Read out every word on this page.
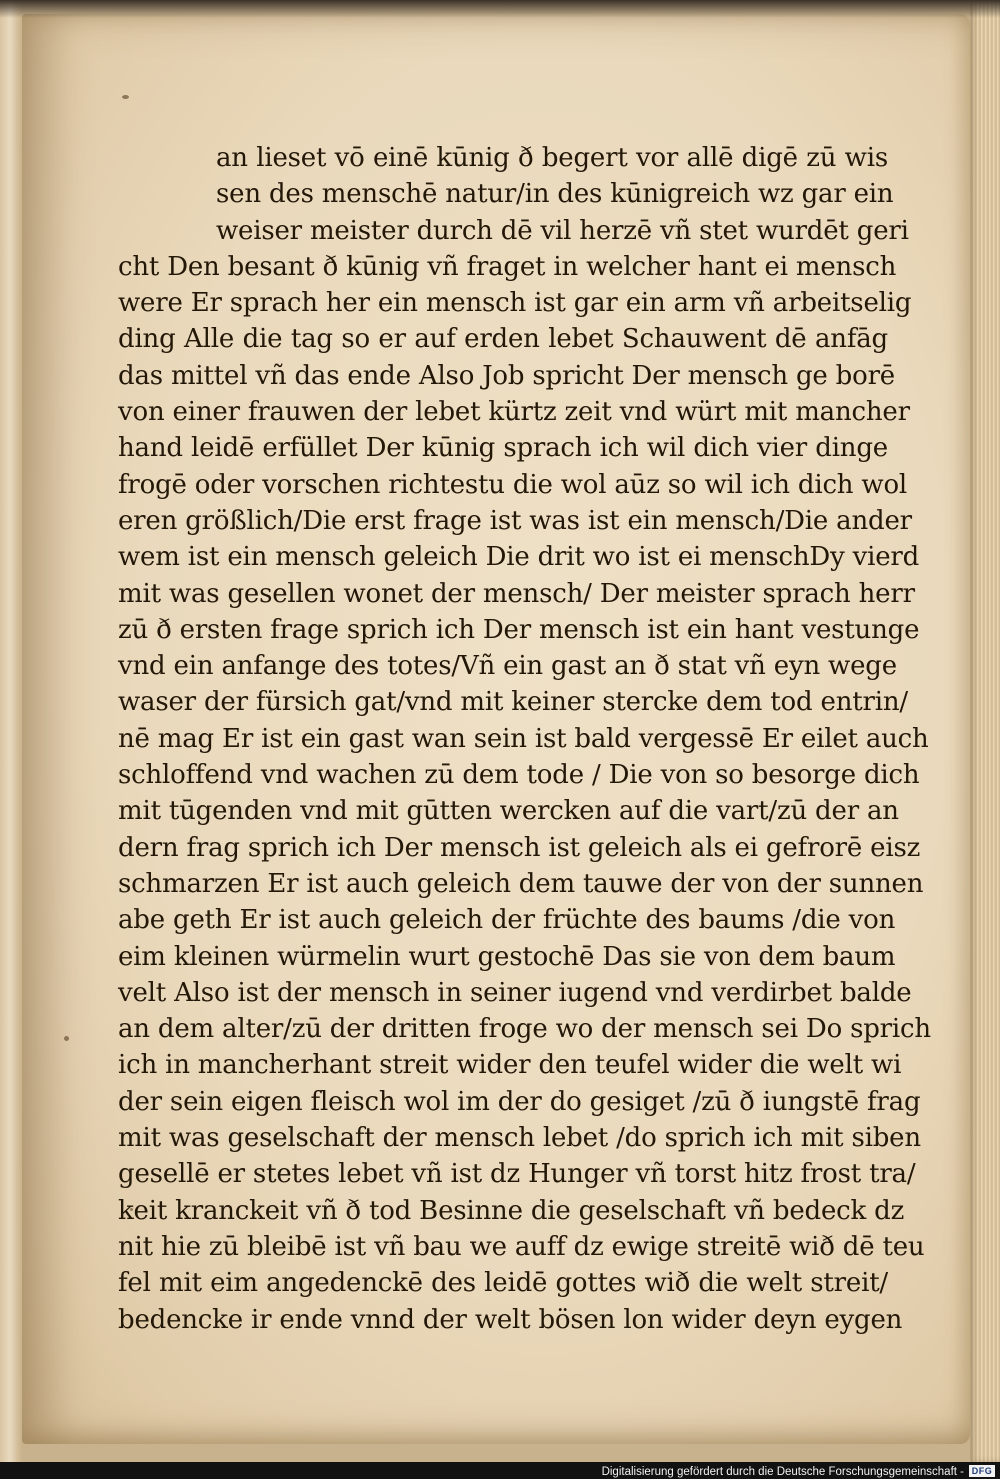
an lieset vō einē kūnig ð begert vor allē digē zū wis
sen des menschē natur/in des kūnigreich wz gar ein
weiser meister durch dē vil herzē vñ stet wurdēt geri
cht Den besant ð kūnig vñ fraget in welcher hant ei mensch
were Er sprach her ein mensch ist gar ein arm vñ arbeitselig
ding Alle die tag so er auf erden lebet Schauwent dē anfāg
das mittel vñ das ende Also Job spricht Der mensch ge borē
von einer frauwen der lebet kürtz zeit vnd würt mit mancher
hand leidē erfüllet Der kūnig sprach ich wil dich vier dinge
frogē oder vorschen richtestu die wol aūz so wil ich dich wol
eren größlich/Die erst frage ist was ist ein mensch/Die ander
wem ist ein mensch geleich Die drit wo ist ei menschDy vierd
mit was gesellen wonet der mensch/ Der meister sprach herr
zū ð ersten frage sprich ich Der mensch ist ein hant vestunge
vnd ein anfange des totes/Vñ ein gast an ð stat vñ eyn wege
waser der fürsich gat/vnd mit keiner stercke dem tod entrin/
nē mag Er ist ein gast wan sein ist bald vergessē Er eilet auch
schloffend vnd wachen zū dem tode / Die von so besorge dich
mit tūgenden vnd mit gūtten wercken auf die vart/zū der an
dern frag sprich ich Der mensch ist geleich als ei gefrorē eisz
schmarzen Er ist auch geleich dem tauwe der von der sunnen
abe geth Er ist auch geleich der früchte des baums /die von
eim kleinen würmelin wurt gestochē Das sie von dem baum
velt Also ist der mensch in seiner iugend vnd verdirbet balde
an dem alter/zū der dritten froge wo der mensch sei Do sprich
ich in mancherhant streit wider den teufel wider die welt wi
der sein eigen fleisch wol im der do gesiget /zū ð iungstē frag
mit was geselschaft der mensch lebet /do sprich ich mit siben
gesellē er stetes lebet vñ ist dz Hunger vñ torst hitz frost tra/
keit kranckeit vñ ð tod Besinne die geselschaft vñ bedeck dz
nit hie zū bleibē ist vñ bau we auff dz ewige streitē wið dē teu
fel mit eim angedenckē des leidē gottes wið die welt streit/
bedencke ir ende vnnd der welt bösen lon wider deyn eygen
Digitalisierung gefördert durch die Deutsche Forschungsgemeinschaft - DFG
